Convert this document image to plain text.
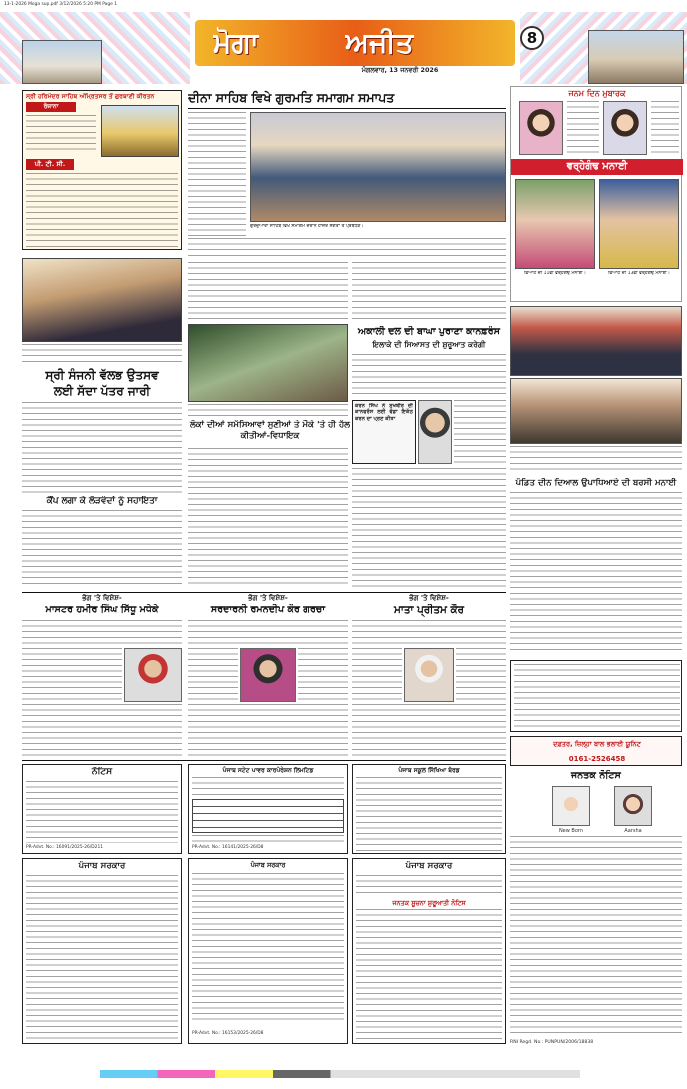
13-1-2026 Moga sup.pdf 3/12/2026 5:20 PM Page 1
ਮੋਗਾ	ਅਜੀਤ	8
ਮੰਗਲਵਾਰ, 13 ਜਨਵਰੀ 2026
ਸ੍ਰੀ ਹਰਿਮੰਦਰ ਸਾਹਿਬ ਅੰਮ੍ਰਿਤਸਰ ਤੋਂ ਗੁਰਬਾਣੀ ਕੀਰਤਨ
ਰੋਜ਼ਾਨਾ
ਪੀ. ਟੀ. ਸੀ.
ਦੀਨਾ ਸਾਹਿਬ ਵਿਖੇ ਗੁਰਮਤਿ ਸਮਾਗਮ ਸਮਾਪਤ
ਗੁਰਦੁਆਰਾ ਸਾਹਿਬ ਵਿਖੇ ਸਮਾਗਮ ਦੌਰਾਨ ਹਾਜ਼ਰ ਸੰਗਤਾਂ ਤੇ ਪ੍ਰਬੰਧਕ।
ਜਨਮ ਦਿਨ ਮੁਬਾਰਕ
ਵਰ੍ਹੇਗੰਢ ਮਨਾਈ
ਵਿਆਹ ਦੀ 11ਵੀਂ ਵਰ੍ਹੇਗੰਢ ਮਨਾਈ।	ਵਿਆਹ ਦੀ 13ਵੀਂ ਵਰ੍ਹੇਗੰਢ ਮਨਾਈ।
ਸ੍ਰੀ ਸੰਜਨੀ ਵੱਲਭ ਉਤਸਵ
ਲਈ ਸੱਦਾ ਪੱਤਰ ਜਾਰੀ
ਕੈਂਪ ਲਗਾ ਕੇ ਲੋੜਵੰਦਾਂ ਨੂੰ ਸਹਾਇਤਾ
ਲੋਕਾਂ ਦੀਆਂ ਸਮੱਸਿਆਵਾਂ ਸੁਣੀਆਂ ਤੇ ਮੌਕੇ 'ਤੇ ਹੀ ਹੱਲ ਕੀਤੀਆਂ-ਵਿਧਾਇਕ
ਅਕਾਲੀ ਦਲ ਦੀ ਬਾਘਾ ਪੁਰਾਣਾ ਕਾਨਫ਼ਰੰਸ
ਇਲਾਕੇ ਦੀ ਸਿਆਸਤ ਦੀ ਸ਼ੁਰੂਆਤ ਕਰੇਗੀ
ਕਰਨ ਸਿੰਘ ਨੇ ਸੁਖਬੀਰ ਦੀ ਕਾਨਫਰੰਸ ਲਈ ਵੱਡਾ ਇਕੱਠ ਕਰਨ ਦਾ ਪ੍ਰਣ ਕੀਤਾ
ਪੰਡਿਤ ਦੀਨ ਦਿਆਲ ਉਪਾਧਿਆਏ ਦੀ ਬਰਸੀ ਮਨਾਈ
ਭੋਗ 'ਤੇ ਵਿਸ਼ੇਸ਼-
ਮਾਸਟਰ ਹਮੀਰ ਸਿੰਘ ਸਿੱਧੂ ਮਧੇਕੇ
ਭੋਗ 'ਤੇ ਵਿਸ਼ੇਸ਼-
ਸਰਦਾਰਨੀ ਰਮਨਦੀਪ ਕੌਰ ਗਰਚਾ
ਭੋਗ 'ਤੇ ਵਿਸ਼ੇਸ਼-
ਮਾਤਾ ਪ੍ਰੀਤਮ ਕੌਰ
ਦਫ਼ਤਰ, ਜ਼ਿਲ੍ਹਾ ਬਾਲ ਭਲਾਈ ਯੂਨਿਟ
0161-2526458
ਜਨਤਕ ਨੋਟਿਸ
New Born	Aarsha
RNI Regd. No.: PUNPUN/2006/18838
ਨੋਟਿਸ
PR-Advt. No.: 16091/2025-26/D211
ਪੰਜਾਬ ਸਟੇਟ ਪਾਵਰ ਕਾਰਪੋਰੇਸ਼ਨ ਲਿਮਟਿਡ
PR-Advt. No.: 16141/2025-26/D8
ਪੰਜਾਬ ਸਕੂਲ ਸਿੱਖਿਆ ਬੋਰਡ
ਪੰਜਾਬ ਸਰਕਾਰ	ਪੰਜਾਬ ਸਰਕਾਰ
PR-Advt. No.: 16153/2025-26/D8
ਪੰਜਾਬ ਸਰਕਾਰ
ਜਨਤਕ ਸੂਚਨਾ ਸ਼ੁਰੂਆਤੀ ਨੋਟਿਸ
